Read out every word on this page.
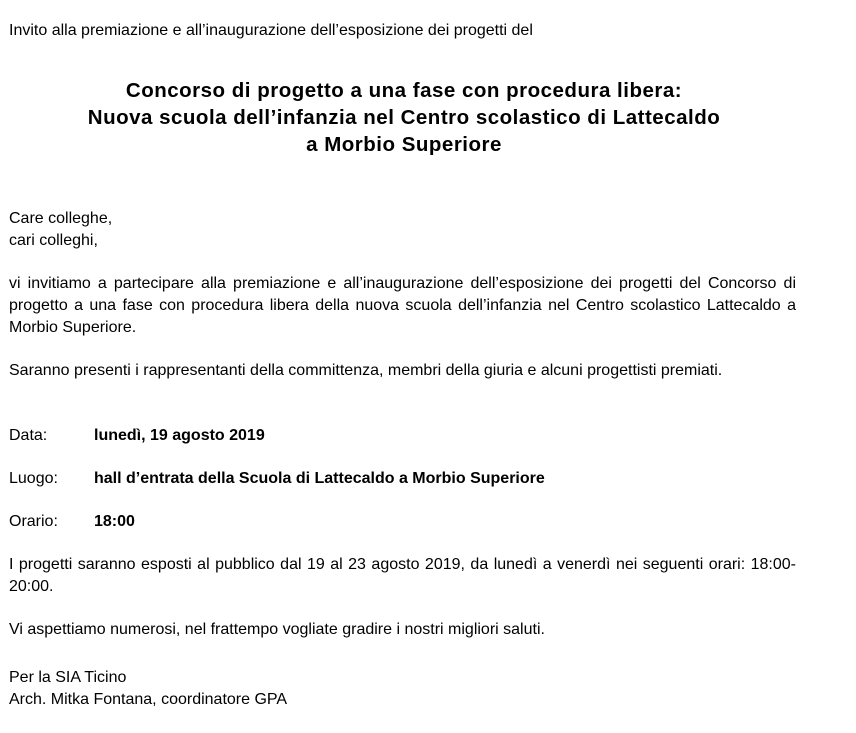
Invito alla premiazione e all’inaugurazione dell’esposizione dei progetti del
Concorso di progetto a una fase con procedura libera:
Nuova scuola dell’infanzia nel Centro scolastico di Lattecaldo
a Morbio Superiore
Care colleghe,
cari colleghi,
vi invitiamo a partecipare alla premiazione e all’inaugurazione dell’esposizione dei progetti del Concorso di progetto a una fase con procedura libera della nuova scuola dell’infanzia nel Centro scolastico Lattecaldo a Morbio Superiore.
Saranno presenti i rappresentanti della committenza, membri della giuria e alcuni progettisti premiati.
Data:	lunedì, 19 agosto 2019
Luogo: hall d’entrata della Scuola di Lattecaldo a Morbio Superiore
Orario: 18:00
I progetti saranno esposti al pubblico dal 19 al 23 agosto 2019, da lunedì a venerdì nei seguenti orari: 18:00-20:00.
Vi aspettiamo numerosi, nel frattempo vogliate gradire i nostri migliori saluti.
Per la SIA Ticino
Arch. Mitka Fontana, coordinatore GPA
